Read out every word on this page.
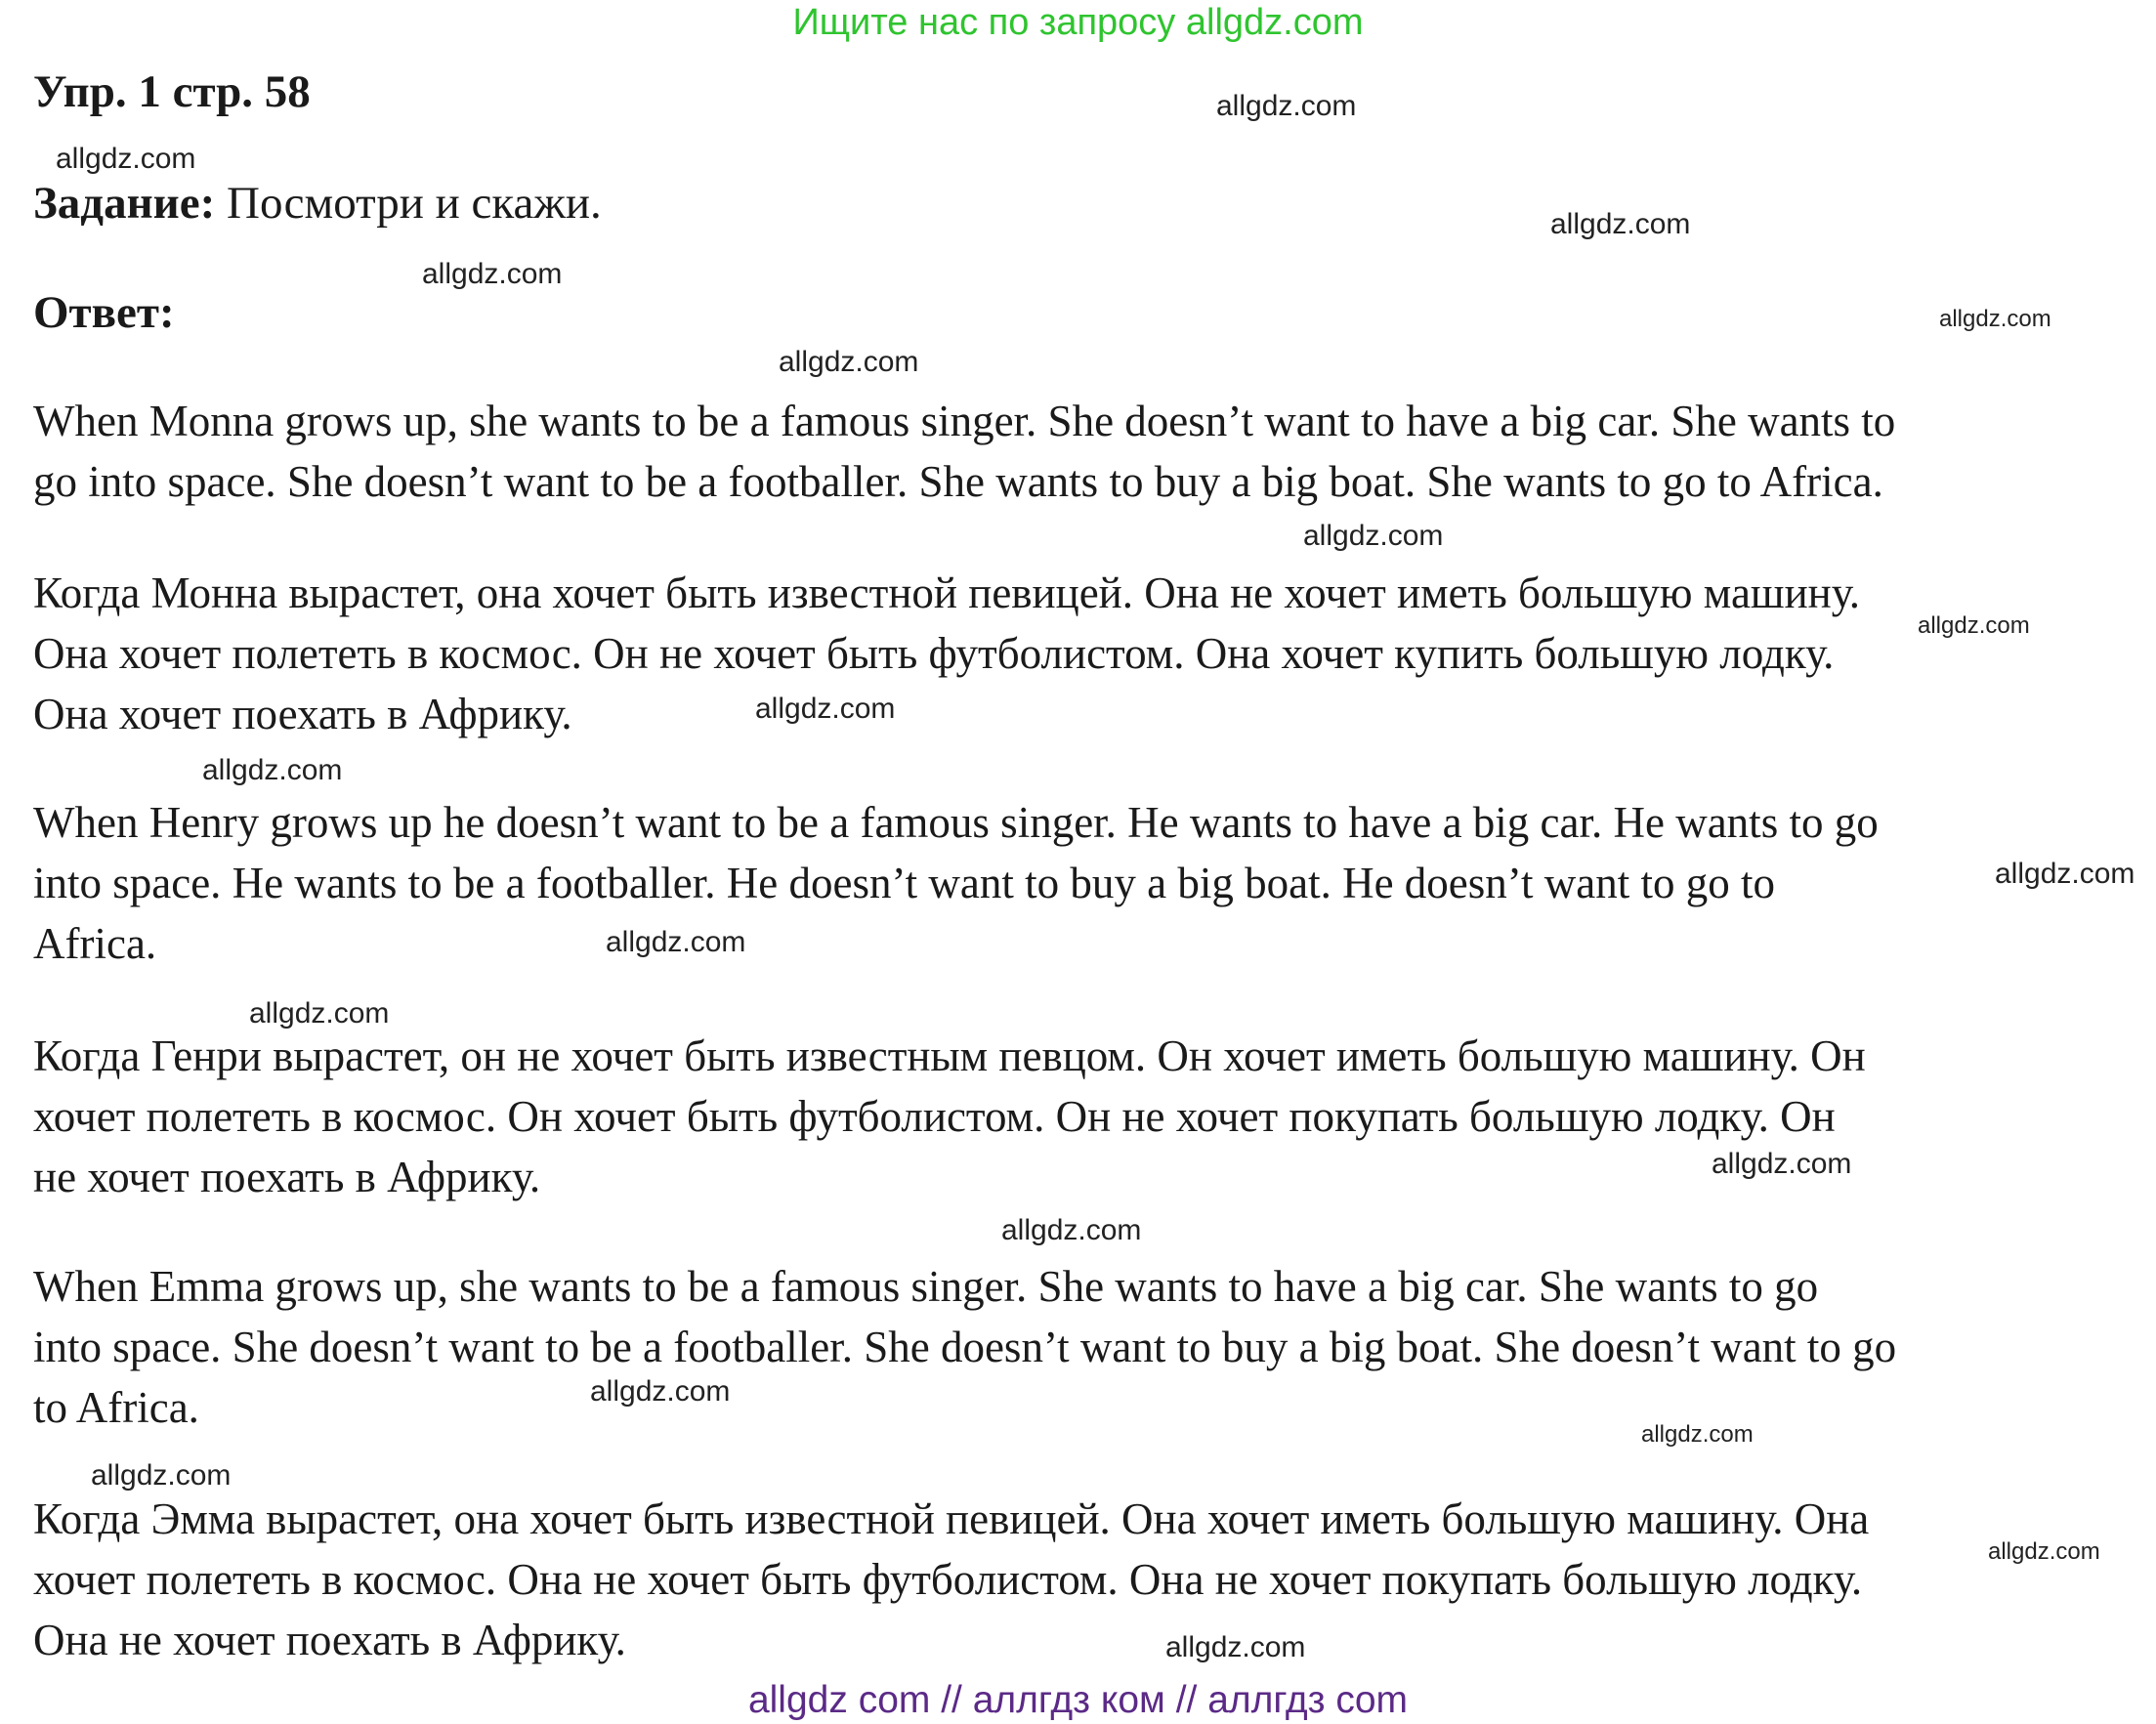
Ищите нас по запросу allgdz.com
Упр. 1 стр. 58
Задание: Посмотри и скажи.
Ответ:
When Monna grows up, she wants to be a famous singer. She doesn’t want to have a big car. She wants to
go into space. She doesn’t want to be a footballer. She wants to buy a big boat. She wants to go to Africa.
Когда Монна вырастет, она хочет быть известной певицей. Она не хочет иметь большую машину.
Она хочет полететь в космос. Он не хочет быть футболистом. Она хочет купить большую лодку.
Она хочет поехать в Африку.
When Henry grows up he doesn’t want to be a famous singer. He wants to have a big car. He wants to go
into space. He wants to be a footballer. He doesn’t want to buy a big boat. He doesn’t want to go to
Africa.
Когда Генри вырастет, он не хочет быть известным певцом. Он хочет иметь большую машину. Он
хочет полететь в космос. Он хочет быть футболистом. Он не хочет покупать большую лодку. Он
не хочет поехать в Африку.
When Emma grows up, she wants to be a famous singer. She wants to have a big car. She wants to go
into space. She doesn’t want to be a footballer. She doesn’t want to buy a big boat. She doesn’t want to go
to Africa.
Когда Эмма вырастет, она хочет быть известной певицей. Она хочет иметь большую машину. Она
хочет полететь в космос. Она не хочет быть футболистом. Она не хочет покупать большую лодку.
Она не хочет поехать в Африку.
allgdz.com
allgdz.com
allgdz.com
allgdz.com
allgdz.com
allgdz.com
allgdz.com
allgdz.com
allgdz.com
allgdz.com
allgdz.com
allgdz.com
allgdz.com
allgdz.com
allgdz.com
allgdz.com
allgdz.com
allgdz.com
allgdz.com
allgdz.com
allgdz com // аллгдз ком // аллгдз com
